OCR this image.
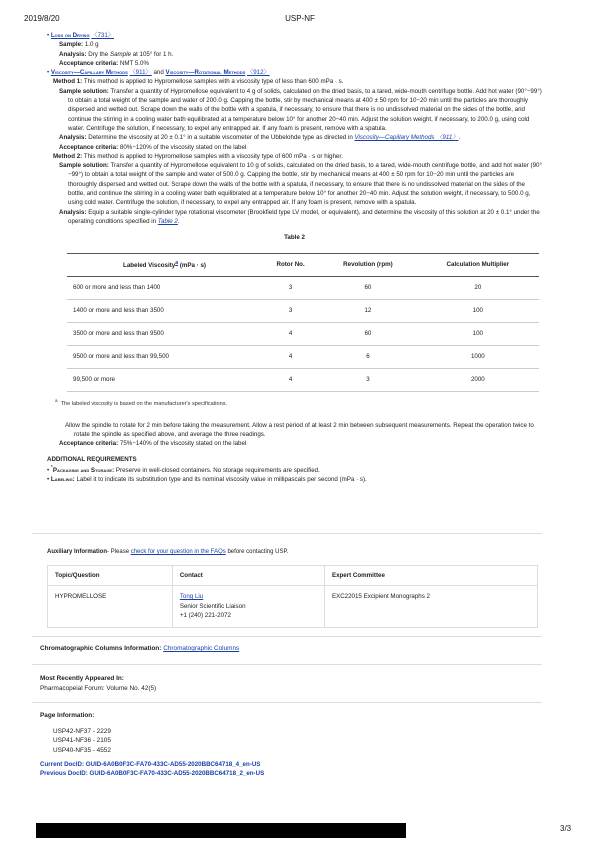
2019/8/20	USP-NF
• Loss on Drying 〈731〉
Sample: 1.0 g
Analysis: Dry the Sample at 105° for 1 h.
Acceptance criteria: NMT 5.0%
• Viscosity—Capillary Methods 〈911〉 and Viscosity—Rotational Methods 〈912〉
Method 1: This method is applied to Hypromellose samples with a viscosity type of less than 600 mPa · s.
Sample solution: Transfer a quantity of Hypromellose equivalent to 4 g of solids, calculated on the dried basis, to a tared, wide-mouth centrifuge bottle. Add hot water (90°−99°) to obtain a total weight of the sample and water of 200.0 g. Capping the bottle, stir by mechanical means at 400 ± 50 rpm for 10−20 min until the particles are thoroughly dispersed and wetted out. Scrape down the walls of the bottle with a spatula, if necessary, to ensure that there is no undissolved material on the sides of the bottle, and continue the stirring in a cooling water bath equilibrated at a temperature below 10° for another 20−40 min. Adjust the solution weight, if necessary, to 200.0 g, using cold water. Centrifuge the solution, if necessary, to expel any entrapped air. If any foam is present, remove with a spatula.
Analysis: Determine the viscosity at 20 ± 0.1° in a suitable viscometer of the Ubbelohde type as directed in Viscosity—Capillary Methods 〈911〉.
Acceptance criteria: 80%−120% of the viscosity stated on the label
Method 2: This method is applied to Hypromellose samples with a viscosity type of 600 mPa · s or higher.
Sample solution: Transfer a quantity of Hypromellose equivalent to 10 g of solids, calculated on the dried basis, to a tared, wide-mouth centrifuge bottle, and add hot water (90°−99°) to obtain a total weight of the sample and water of 500.0 g. Capping the bottle, stir by mechanical means at 400 ± 50 rpm for 10−20 min until the particles are thoroughly dispersed and wetted out. Scrape down the walls of the bottle with a spatula, if necessary, to ensure that there is no undissolved material on the sides of the bottle, and continue the stirring in a cooling water bath equilibrated at a temperature below 10° for another 20−40 min. Adjust the solution weight, if necessary, to 500.0 g, using cold water. Centrifuge the solution, if necessary, to expel any entrapped air. If any foam is present, remove with a spatula.
Analysis: Equip a suitable single-cylinder type rotational viscometer (Brookfield type LV model, or equivalent), and determine the viscosity of this solution at 20 ± 0.1° under the operating conditions specified in Table 2.
Table 2
Labeled Viscosity$^a$ (mPa · s)	Rotor No.	Revolution (rpm)	Calculation Multiplier
600 or more and less than 1400	3	60	20
1400 or more and less than 3500	3	12	100
3500 or more and less than 9500	4	60	100
9500 or more and less than 99,500	4	6	1000
99,500 or more	4	3	2000
$^a$  The labeled viscosity is based on the manufacturer's specifications.
Allow the spindle to rotate for 2 min before taking the measurement. Allow a rest period of at least 2 min between subsequent measurements. Repeat the operation twice to rotate the spindle as specified above, and average the three readings.
Acceptance criteria: 75%−140% of the viscosity stated on the label
ADDITIONAL REQUIREMENTS
• *Packaging and Storage: Preserve in well-closed containers. No storage requirements are specified.
• Labeling: Label it to indicate its substitution type and its nominal viscosity value in millipascals per second (mPa · s).
Auxiliary Information- Please check for your question in the FAQs before contacting USP.
Topic/Question	Contact	Expert Committee
HYPROMELLOSE	Tong Liu
Senior Scientific Liaison
+1 (240) 221-2072	EXC22015 Excipient Monographs 2
Chromatographic Columns Information: Chromatographic Columns
Most Recently Appeared In:
Pharmacopeial Forum: Volume No. 42(5)
Page Information:
USP42-NF37 - 2229
USP41-NF36 - 2105
USP40-NF35 - 4552
Current DocID: GUID-6A0B0F3C-FA70-433C-AD55-2020BBC64718_4_en-US
Previous DocID: GUID-6A0B0F3C-FA70-433C-AD55-2020BBC64718_2_en-US
3/3
